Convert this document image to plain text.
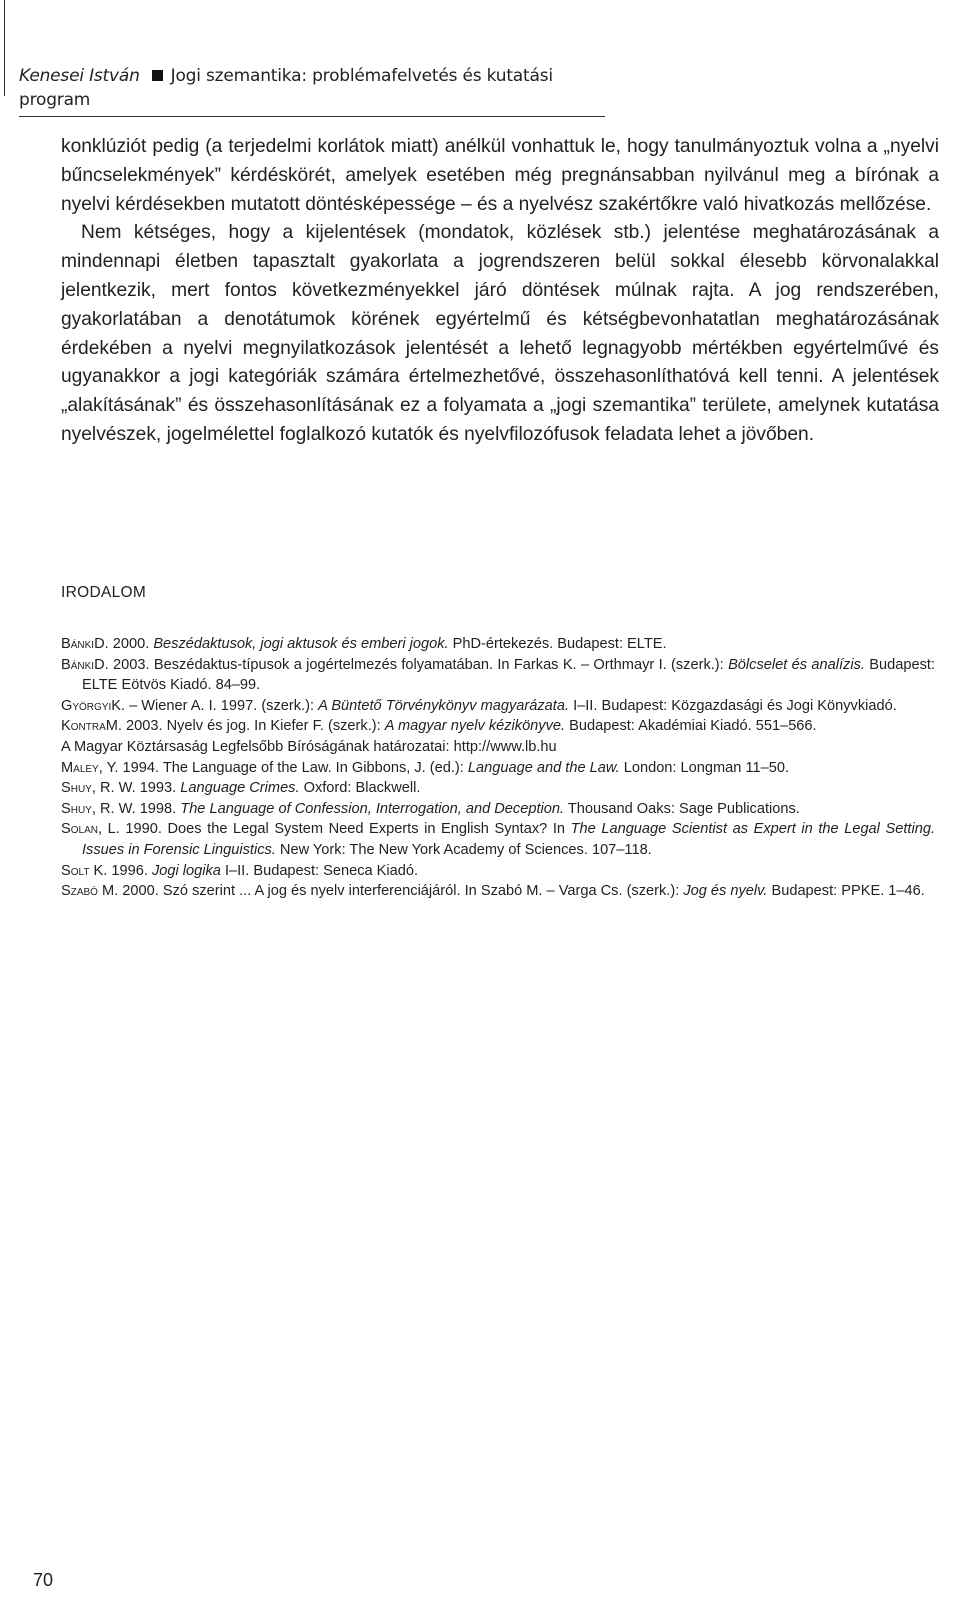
Kenesei István Jogi szemantika: problémafelvetés és kutatási program

konklúziót pedig (a terjedelmi korlátok miatt) anélkül vonhattuk le, hogy tanulmányoztuk volna a „nyelvi bűncselekmények” kérdéskörét, amelyek esetében még pregnánsabban nyilvánul meg a bírónak a nyelvi kérdésekben mutatott döntésképessége – és a nyelvész szakértőkre való hivatkozás mellőzése.

Nem kétséges, hogy a kijelentések (mondatok, közlések stb.) jelentése meghatározásának a mindennapi életben tapasztalt gyakorlata a jogrendszeren belül sokkal élesebb körvonalakkal jelentkezik, mert fontos következményekkel járó döntések múlnak rajta. A jog rendszerében, gyakorlatában a denotátumok körének egyértelmű és kétségbevonhatatlan meghatározásának érdekében a nyelvi megnyilatkozások jelentését a lehető legnagyobb mértékben egyértelművé és ugyanakkor a jogi kategóriák számára értelmezhetővé, összehasonlíthatóvá kell tenni. A jelentések „alakításának” és összehasonlításának ez a folyamata a „jogi szemantika” területe, amelynek kutatása nyelvészek, jogelmélettel foglalkozó kutatók és nyelvfilozófusok feladata lehet a jövőben.

IRODALOM

BánkiD. 2000. Beszédaktusok, jogi aktusok és emberi jogok. PhD-értekezés. Budapest: ELTE.

BánkiD. 2003. Beszédaktus-típusok a jogértelmezés folyamatában. In Farkas K. – Orthmayr I. (szerk.): Bölcselet és analízis. Budapest: ELTE Eötvös Kiadó. 84–99.

GyörgyiK. – Wiener A. I. 1997. (szerk.): A Büntető Törvénykönyv magyarázata. I–II. Budapest: Közgazdasági és Jogi Könyvkiadó.

KontraM. 2003. Nyelv és jog. In Kiefer F. (szerk.): A magyar nyelv kézikönyve. Budapest: Akadémiai Kiadó. 551–566.

A Magyar Köztársaság Legfelsőbb Bíróságának határozatai: http://www.lb.hu

Maley, Y. 1994. The Language of the Law. In Gibbons, J. (ed.): Language and the Law. London: Longman 11–50.

Shuy, R. W. 1993. Language Crimes. Oxford: Blackwell.

Shuy, R. W. 1998. The Language of Confession, Interrogation, and Deception. Thousand Oaks: Sage Publications.

Solan, L. 1990. Does the Legal System Need Experts in English Syntax? In The Language Scientist as Expert in the Legal Setting. Issues in Forensic Linguistics. New York: The New York Academy of Sciences. 107–118.

Solt K. 1996. Jogi logika I–II. Budapest: Seneca Kiadó.

Szabó M. 2000. Szó szerint ... A jog és nyelv interferenciájáról. In Szabó M. – Varga Cs. (szerk.): Jog és nyelv. Budapest: PPKE. 1–46.

70
